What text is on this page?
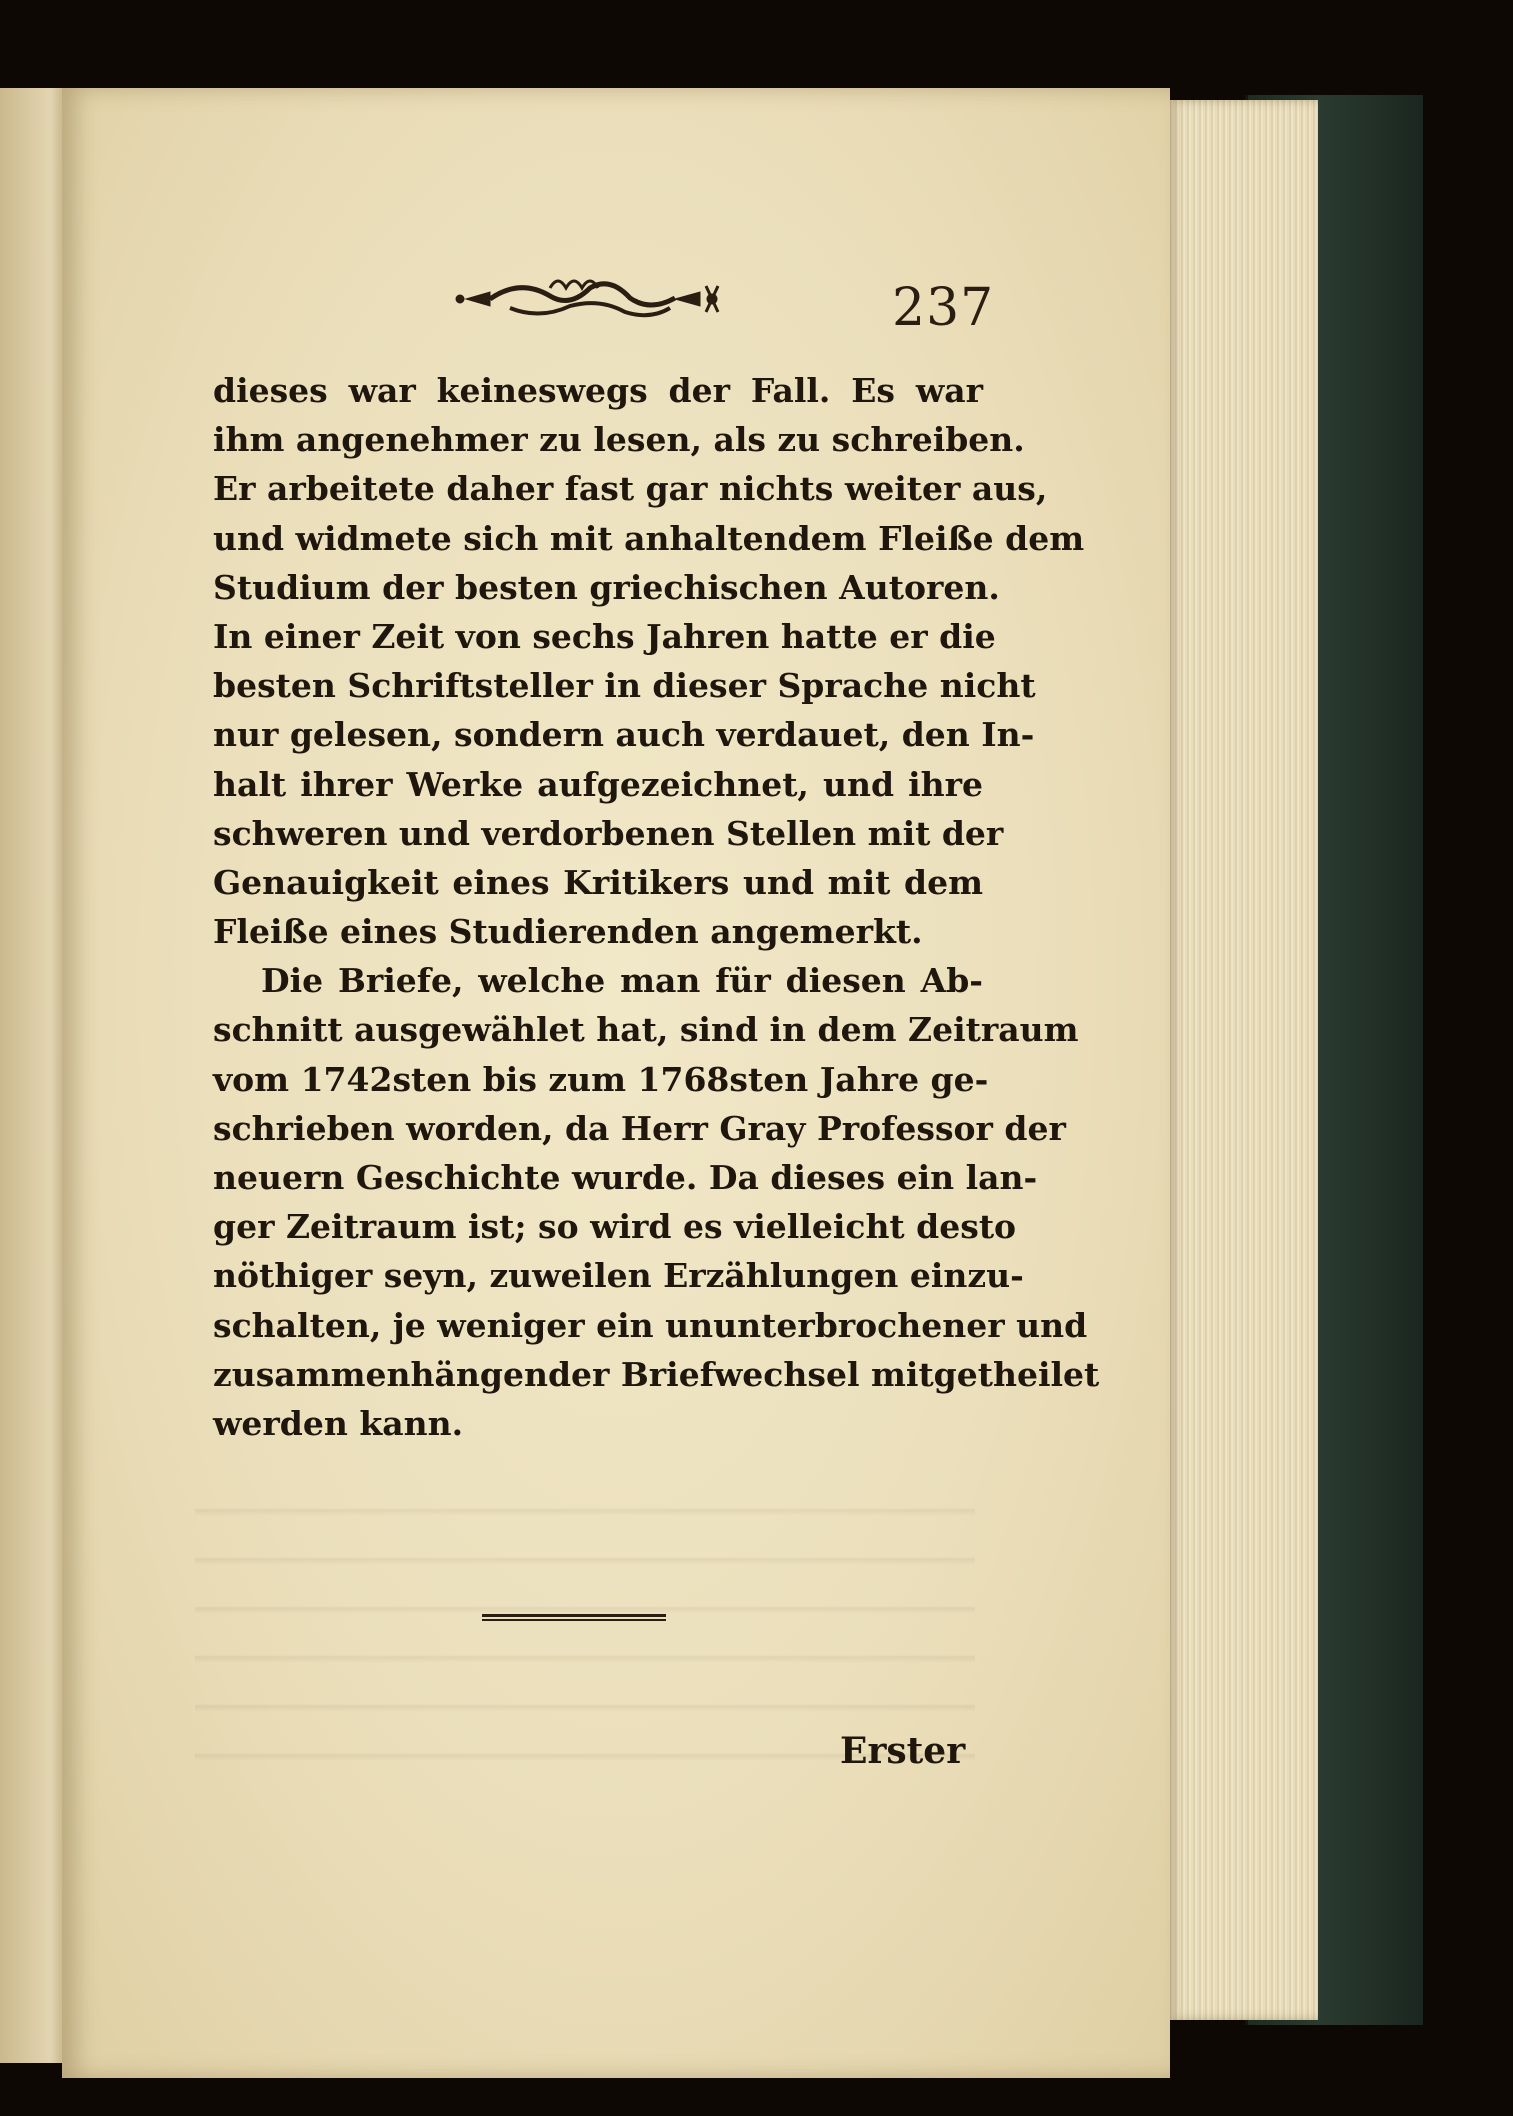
237
dieses war keineswegs der Fall. Es war
ihm angenehmer zu lesen, als zu schreiben.
Er arbeitete daher fast gar nichts weiter aus,
und widmete sich mit anhaltendem Fleiße dem
Studium der besten griechischen Autoren.
In einer Zeit von sechs Jahren hatte er die
besten Schriftsteller in dieser Sprache nicht
nur gelesen, sondern auch verdauet, den In-
halt ihrer Werke aufgezeichnet, und ihre
schweren und verdorbenen Stellen mit der
Genauigkeit eines Kritikers und mit dem
Fleiße eines Studierenden angemerkt.
Die Briefe, welche man für diesen Ab-
schnitt ausgewählet hat, sind in dem Zeitraum
vom 1742sten bis zum 1768sten Jahre ge-
schrieben worden, da Herr Gray Professor der
neuern Geschichte wurde. Da dieses ein lan-
ger Zeitraum ist; so wird es vielleicht desto
nöthiger seyn, zuweilen Erzählungen einzu-
schalten, je weniger ein ununterbrochener und
zusammenhängender Briefwechsel mitgetheilet
werden kann.
Erster
